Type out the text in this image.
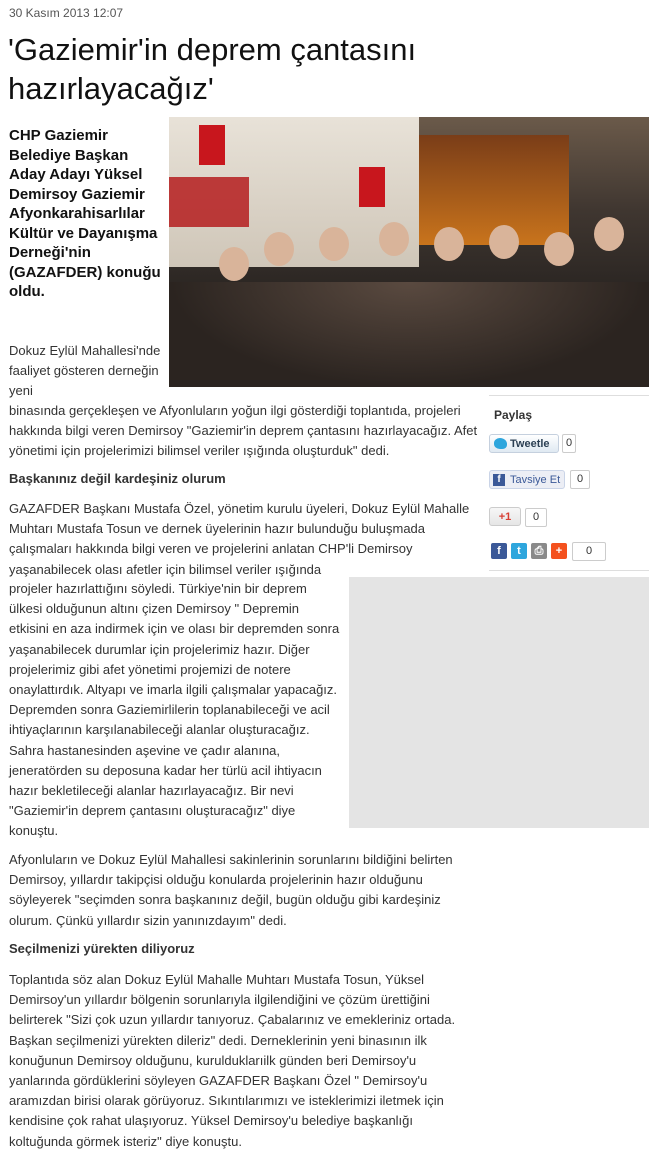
30 Kasım 2013 12:07
'Gaziemir'in deprem çantasını hazırlayacağız'

CHP Gaziemir Belediye Başkan Aday Adayı Yüksel Demirsoy Gaziemir Afyonkarahisarlılar Kültür ve Dayanışma Derneği'nin (GAZAFDER) konuğu oldu.

Dokuz Eylül Mahallesi'nde faaliyet gösteren derneğin yeni
binasında gerçekleşen ve Afyonluların yoğun ilgi gösterdiği toplantıda, projeleri hakkında bilgi veren Demirsoy "Gaziemir'in deprem çantasını hazırlayacağız. Afet yönetimi için projelerimizi bilimsel veriler ışığında oluşturduk" dedi.
Başkanınız değil kardeşiniz olurum
GAZAFDER Başkanı Mustafa Özel, yönetim kurulu üyeleri, Dokuz Eylül Mahalle Muhtarı Mustafa Tosun ve dernek üyelerinin hazır bulunduğu buluşmada çalışmaları hakkında bilgi veren ve projelerini anlatan CHP'li Demirsoy yaşanabilecek olası afetler için bilimsel veriler ışığında
projeler hazırlattığını söyledi. Türkiye'nin bir deprem ülkesi olduğunun altını çizen Demirsoy " Depremin etkisini en aza indirmek için ve olası bir depremden sonra yaşanabilecek durumlar için projelerimiz hazır. Diğer projelerimiz gibi afet yönetimi projemizi de notere onaylattırdık. Altyapı ve imarla ilgili çalışmalar yapacağız. Depremden sonra Gaziemirlilerin toplanabileceği ve acil ihtiyaçlarının karşılanabileceği alanlar oluşturacağız. Sahra hastanesinden aşevine ve çadır alanına, jeneratörden su deposuna kadar her türlü acil ihtiyacın hazır bekletileceği alanlar hazırlayacağız. Bir nevi "Gaziemir'in deprem çantasını oluşturacağız" diye konuştu.
Afyonluların ve Dokuz Eylül Mahallesi sakinlerinin sorunlarını bildiğini belirten Demirsoy, yıllardır takipçisi olduğu konularda projelerinin hazır olduğunu söyleyerek "seçimden sonra başkanınız değil, bugün olduğu gibi kardeşiniz olurum. Çünkü yıllardır sizin yanınızdayım" dedi.
Seçilmenizi yürekten diliyoruz
Toplantıda söz alan Dokuz Eylül Mahalle Muhtarı Mustafa Tosun, Yüksel Demirsoy'un yıllardır bölgenin sorunlarıyla ilgilendiğini ve çözüm ürettiğini belirterek "Sizi çok uzun yıllardır tanıyoruz. Çabalarınız ve emekleriniz ortada. Başkan seçilmenizi yürekten dileriz" dedi. Derneklerinin yeni binasının ilk konuğunun Demirsoy olduğunu, kurulduklarıilk günden beri Demirsoy'u yanlarında gördüklerini söyleyen GAZAFDER Başkanı Özel " Demirsoy'u aramızdan birisi olarak görüyoruz. Sıkıntılarımızı ve isteklerimizi iletmek için kendisine çok rahat ulaşıyoruz. Yüksel Demirsoy'u belediye başkanlığı koltuğunda görmek isteriz" diye konuştu.
Paylaş
Tweetle	0
f Tavsiye Et	0
+1	0
f	t	⎙	+	0
